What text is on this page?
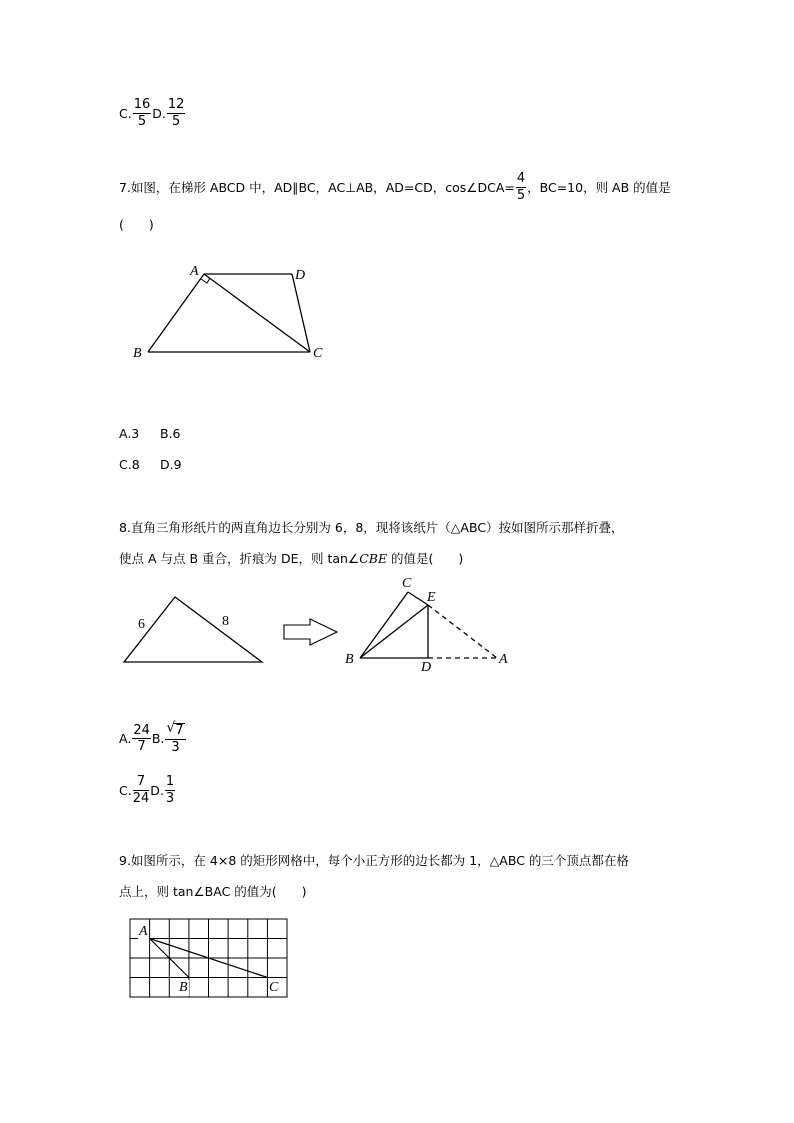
C. $\frac{16}{5} D$. $\frac{12}{5}$
7.如图，在梯形 ABCD 中，AD∥BC，AC⊥AB，AD=CD，cos∠DCA= $\frac{4}{5}$ ，BC=10，则 AB 的值是
(　　)
A	D
B	C
A.3 B.6
C.8 D.9
8.直角三角形纸片的两直角边长分别为 6，8，现将该纸片（△ABC）按如图所示那样折叠，
使点 A 与点 B 重合，折痕为 DE，则 tan∠CBE 的值是(　　)
6	8
C
E
B
D
A
A. $\frac{24}{7} B$. $\frac{√ 7}{3}$
C. $\frac{7}{24} D$. $\frac{1}{3}$
9.如图所示，在 4×8 的矩形网格中，每个小正方形的边长都为 1，△ABC 的三个顶点都在格
点上，则 tan∠BAC 的值为(　　)
A
B	C
